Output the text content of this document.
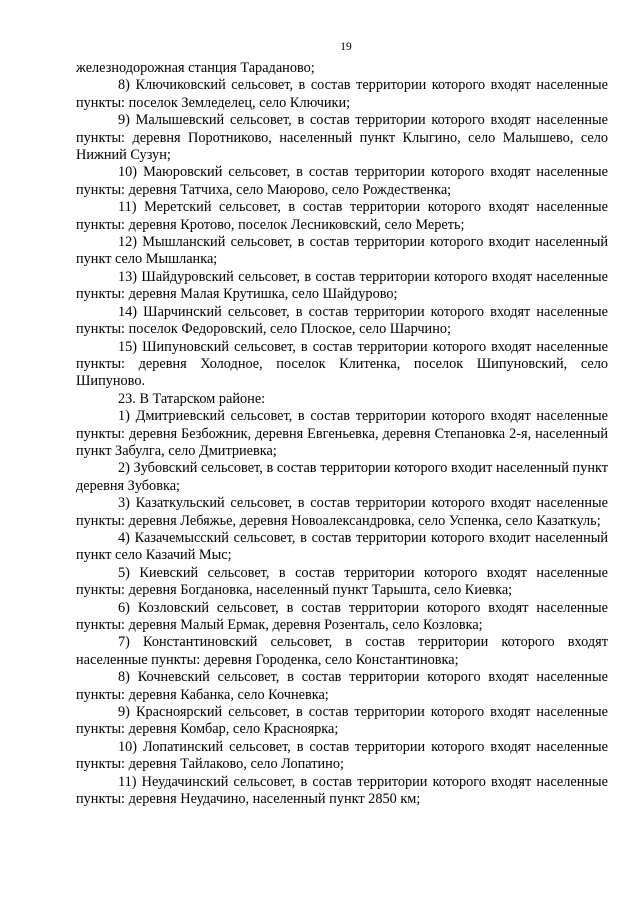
19

железнодорожная станция Тараданово;

8) Ключиковский сельсовет, в состав территории которого входят населенные пункты: поселок Земледелец, село Ключики;

9) Малышевский сельсовет, в состав территории которого входят населенные пункты: деревня Поротниково, населенный пункт Клыгино, село Малышево, село Нижний Сузун;

10) Маюровский сельсовет, в состав территории которого входят населенные пункты: деревня Татчиха, село Маюрово, село Рождественка;

11) Меретский сельсовет, в состав территории которого входят населенные пункты: деревня Кротово, поселок Лесниковский, село Мереть;

12) Мышланский сельсовет, в состав территории которого входит населенный пункт село Мышланка;

13) Шайдуровский сельсовет, в состав территории которого входят населенные пункты: деревня Малая Крутишка, село Шайдурово;

14) Шарчинский сельсовет, в состав территории которого входят населенные пункты: поселок Федоровский, село Плоское, село Шарчино;

15) Шипуновский сельсовет, в состав территории которого входят населенные пункты: деревня Холодное, поселок Клитенка, поселок Шипуновский, село Шипуново.

23. В Татарском районе:

1) Дмитриевский сельсовет, в состав территории которого входят населенные пункты: деревня Безбожник, деревня Евгеньевка, деревня Степановка 2-я, населенный пункт Забулга, село Дмитриевка;

2) Зубовский сельсовет, в состав территории которого входит населенный пункт деревня Зубовка;

3) Казаткульский сельсовет, в состав территории которого входят населенные пункты: деревня Лебяжье, деревня Новоалександровка, село Успенка, село Казаткуль;

4) Казачемысский сельсовет, в состав территории которого входит населенный пункт село Казачий Мыс;

5) Киевский сельсовет, в состав территории которого входят населенные пункты: деревня Богдановка, населенный пункт Тарышта, село Киевка;

6) Козловский сельсовет, в состав территории которого входят населенные пункты: деревня Малый Ермак, деревня Розенталь, село Козловка;

7) Константиновский сельсовет, в состав территории которого входят населенные пункты: деревня Городенка, село Константиновка;

8) Кочневский сельсовет, в состав территории которого входят населенные пункты: деревня Кабанка, село Кочневка;

9) Красноярский сельсовет, в состав территории которого входят населенные пункты: деревня Комбар, село Красноярка;

10) Лопатинский сельсовет, в состав территории которого входят населенные пункты: деревня Тайлаково, село Лопатино;

11) Неудачинский сельсовет, в состав территории которого входят населенные пункты: деревня Неудачино, населенный пункт 2850 км;
